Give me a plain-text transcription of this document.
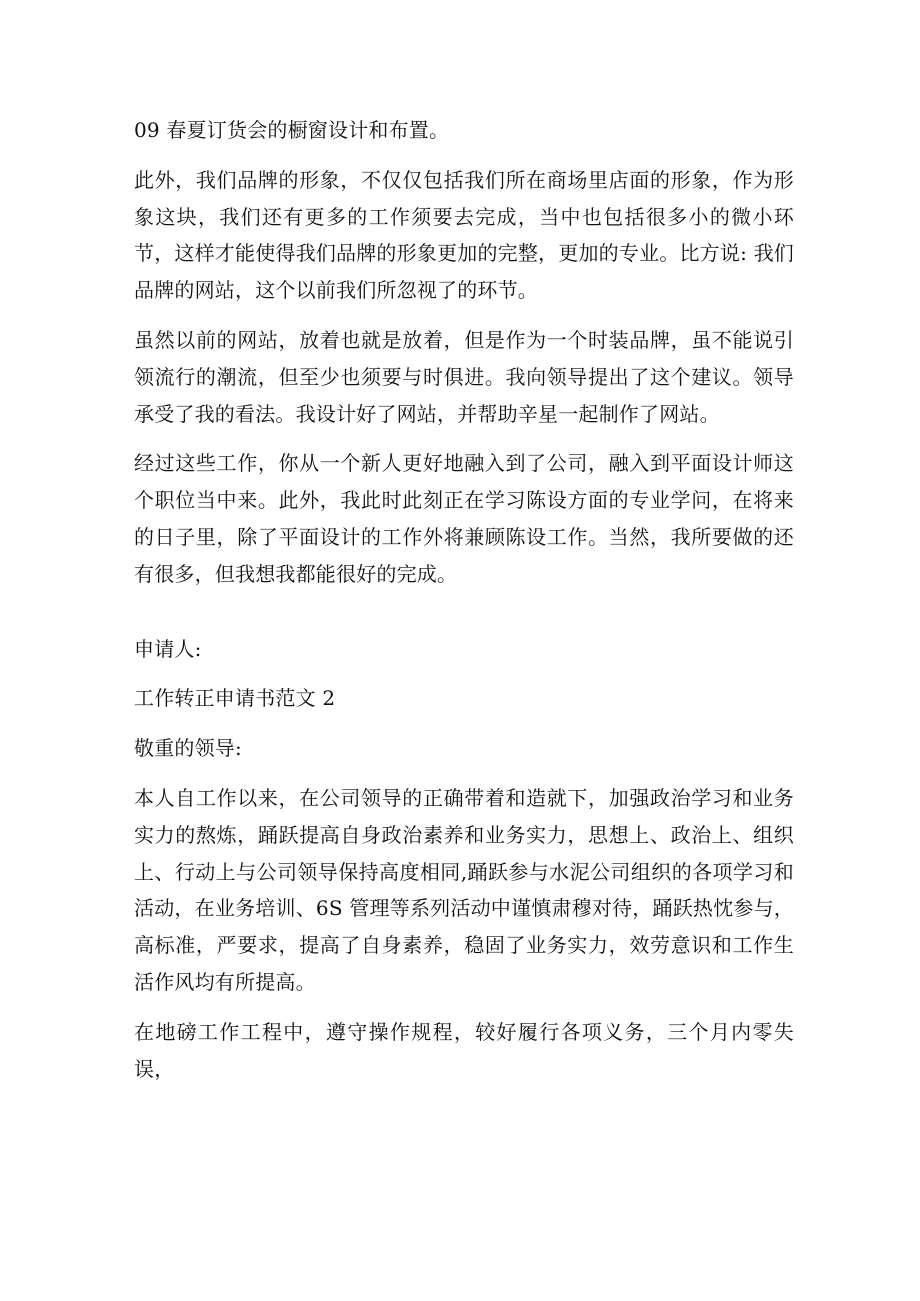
09 春夏订货会的橱窗设计和布置。

此外，我们品牌的形象，不仅仅包括我们所在商场里店面的形象，作为形象这块，我们还有更多的工作须要去完成，当中也包括很多小的微小环节，这样才能使得我们品牌的形象更加的完整，更加的专业。比方说: 我们品牌的网站，这个以前我们所忽视了的环节。

虽然以前的网站，放着也就是放着，但是作为一个时装品牌，虽不能说引领流行的潮流，但至少也须要与时俱进。我向领导提出了这个建议。领导承受了我的看法。我设计好了网站，并帮助辛星一起制作了网站。

经过这些工作，你从一个新人更好地融入到了公司，融入到平面设计师这个职位当中来。此外，我此时此刻正在学习陈设方面的专业学问，在将来的日子里，除了平面设计的工作外将兼顾陈设工作。当然，我所要做的还有很多，但我想我都能很好的完成。

申请人:

工作转正申请书范文 2

敬重的领导:

本人自工作以来，在公司领导的正确带着和造就下，加强政治学习和业务实力的熬炼，踊跃提高自身政治素养和业务实力，思想上、政治上、组织上、行动上与公司领导保持高度相同,踊跃参与水泥公司组织的各项学习和活动，在业务培训、6S 管理等系列活动中谨慎肃穆对待，踊跃热忱参与，高标准，严要求，提高了自身素养，稳固了业务实力，效劳意识和工作生活作风均有所提高。

在地磅工作工程中，遵守操作规程，较好履行各项义务，三个月内零失误，
